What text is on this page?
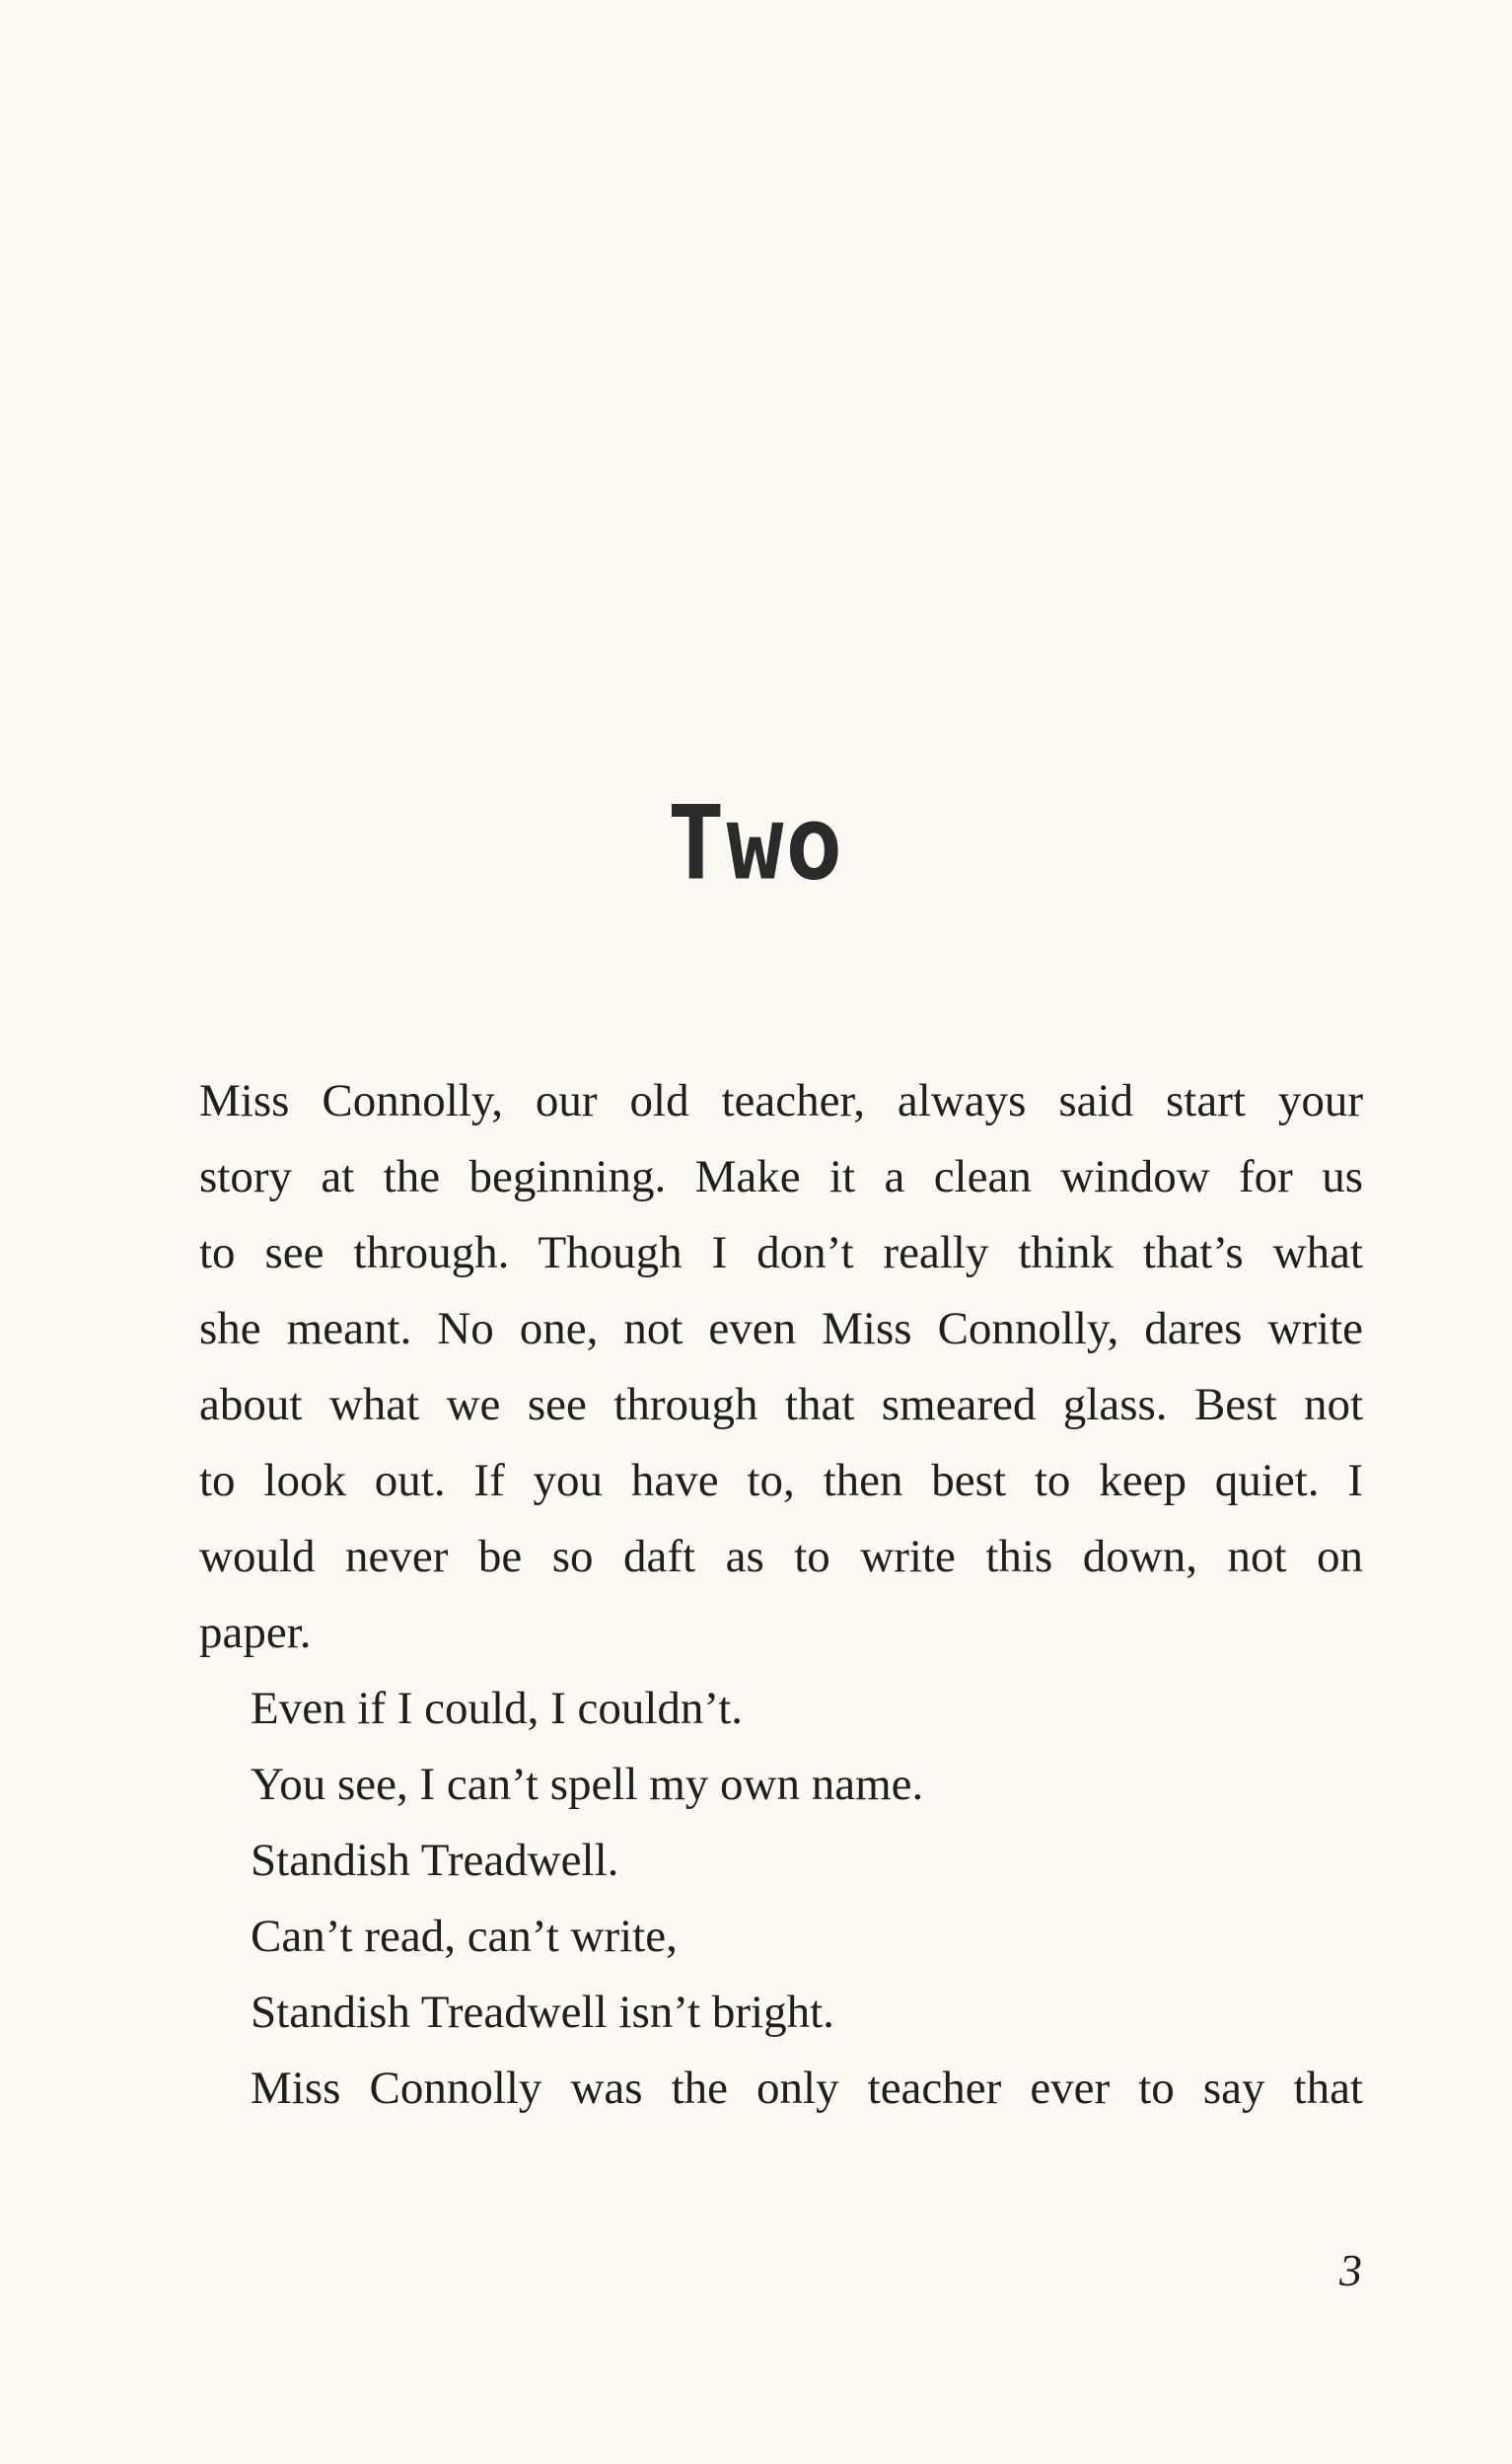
Two

Miss Connolly, our old teacher, always said start your
story at the beginning. Make it a clean window for us
to see through. Though I don’t really think that’s what
she meant. No one, not even Miss Connolly, dares write
about what we see through that smeared glass. Best not
to look out. If you have to, then best to keep quiet. I
would never be so daft as to write this down, not on
paper.

Even if I could, I couldn’t.
You see, I can’t spell my own name.
Standish Treadwell.
Can’t read, can’t write,
Standish Treadwell isn’t bright.
Miss Connolly was the only teacher ever to say that
3
